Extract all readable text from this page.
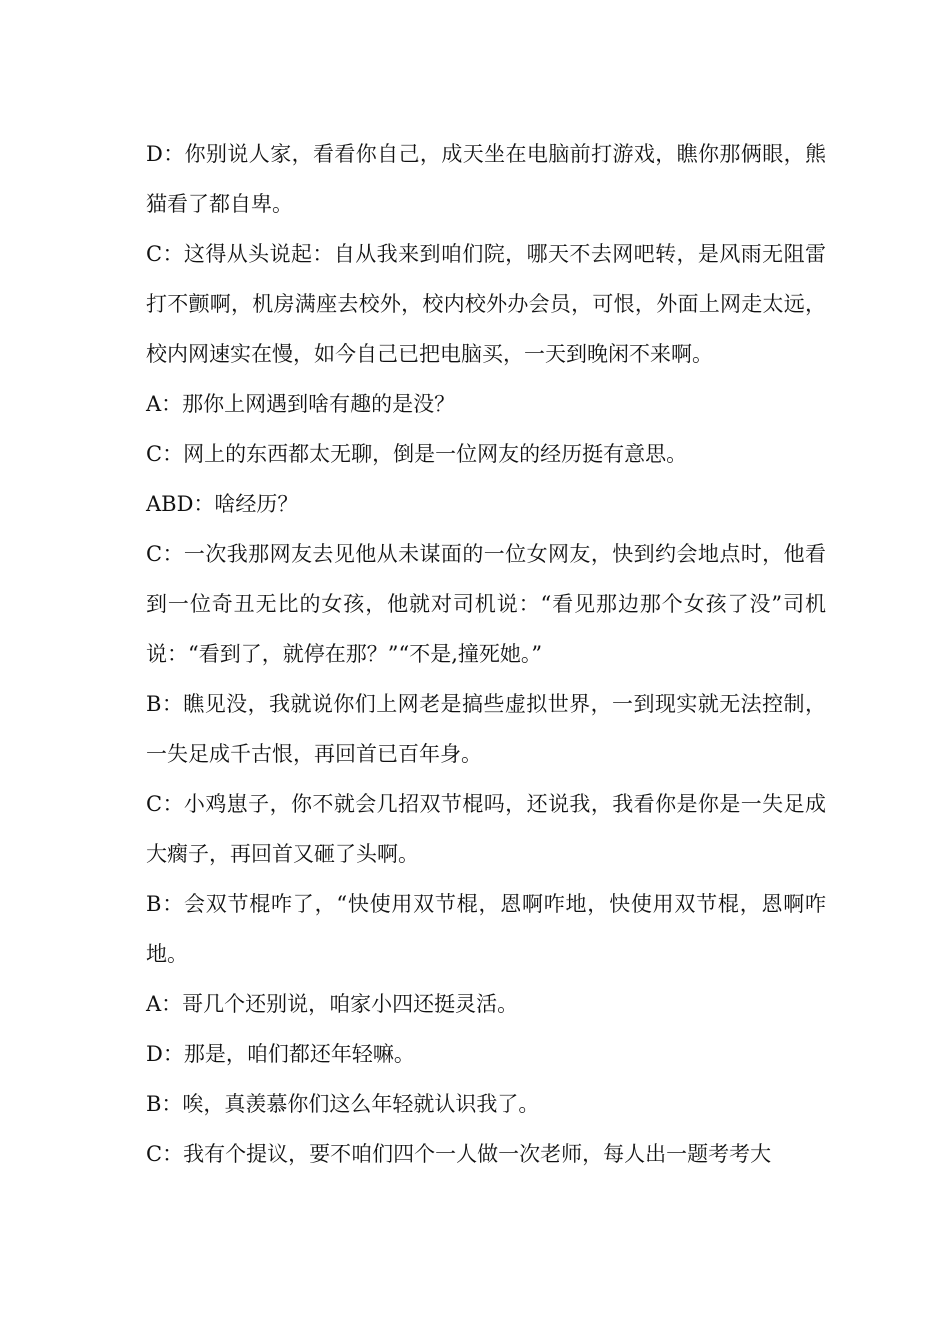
D：你别说人家，看看你自己，成天坐在电脑前打游戏，瞧你那俩眼，熊猫看了都自卑。

C：这得从头说起：自从我来到咱们院，哪天不去网吧转，是风雨无阻雷打不颤啊，机房满座去校外，校内校外办会员，可恨，外面上网走太远，校内网速实在慢，如今自己已把电脑买，一天到晚闲不来啊。

A：那你上网遇到啥有趣的是没？

C：网上的东西都太无聊，倒是一位网友的经历挺有意思。

ABD：啥经历？

C：一次我那网友去见他从未谋面的一位女网友，快到约会地点时，他看到一位奇丑无比的女孩，他就对司机说：“看见那边那个女孩了没”司机说：“看到了，就停在那？”“不是,撞死她。”

B：瞧见没，我就说你们上网老是搞些虚拟世界，一到现实就无法控制，一失足成千古恨，再回首已百年身。

C：小鸡崽子，你不就会几招双节棍吗，还说我，我看你是你是一失足成大瘸子，再回首又砸了头啊。

B：会双节棍咋了，“快使用双节棍，恩啊咋地，快使用双节棍，恩啊咋地。

A：哥几个还别说，咱家小四还挺灵活。

D：那是，咱们都还年轻嘛。

B：唉，真羡慕你们这么年轻就认识我了。

C：我有个提议，要不咱们四个一人做一次老师，每人出一题考考大
